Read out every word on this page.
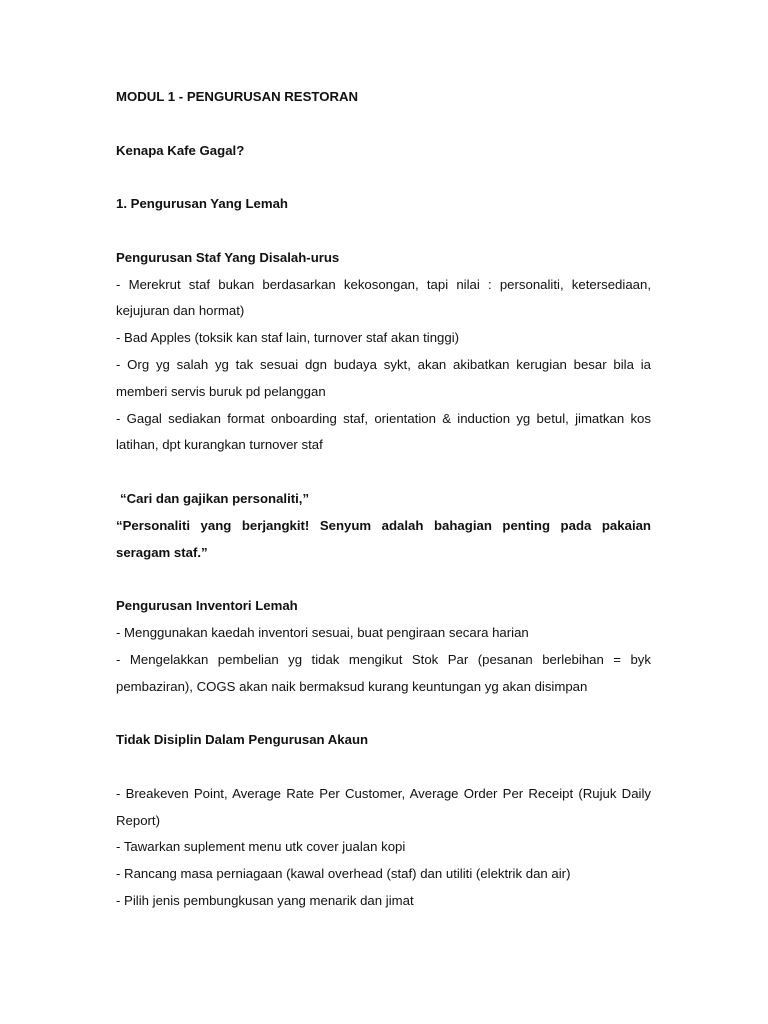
MODUL 1 - PENGURUSAN RESTORAN

Kenapa Kafe Gagal?

1. Pengurusan Yang Lemah

Pengurusan Staf Yang Disalah-urus

- Merekrut staf bukan berdasarkan kekosongan, tapi nilai : personaliti, ketersediaan, kejujuran dan hormat)

- Bad Apples (toksik kan staf lain, turnover staf akan tinggi)

- Org yg salah yg tak sesuai dgn budaya sykt, akan akibatkan kerugian besar bila ia memberi servis buruk pd pelanggan

- Gagal sediakan format onboarding staf, orientation & induction yg betul, jimatkan kos latihan, dpt kurangkan turnover staf

“Cari dan gajikan personaliti,”

“Personaliti yang berjangkit! Senyum adalah bahagian penting pada pakaian seragam staf.”

Pengurusan Inventori Lemah

- Menggunakan kaedah inventori sesuai, buat pengiraan secara harian

- Mengelakkan pembelian yg tidak mengikut Stok Par (pesanan berlebihan = byk pembaziran), COGS akan naik bermaksud kurang keuntungan yg akan disimpan

Tidak Disiplin Dalam Pengurusan Akaun

- Breakeven Point, Average Rate Per Customer, Average Order Per Receipt (Rujuk Daily Report)

- Tawarkan suplement menu utk cover jualan kopi

- Rancang masa perniagaan (kawal overhead (staf) dan utiliti (elektrik dan air)

- Pilih jenis pembungkusan yang menarik dan jimat
